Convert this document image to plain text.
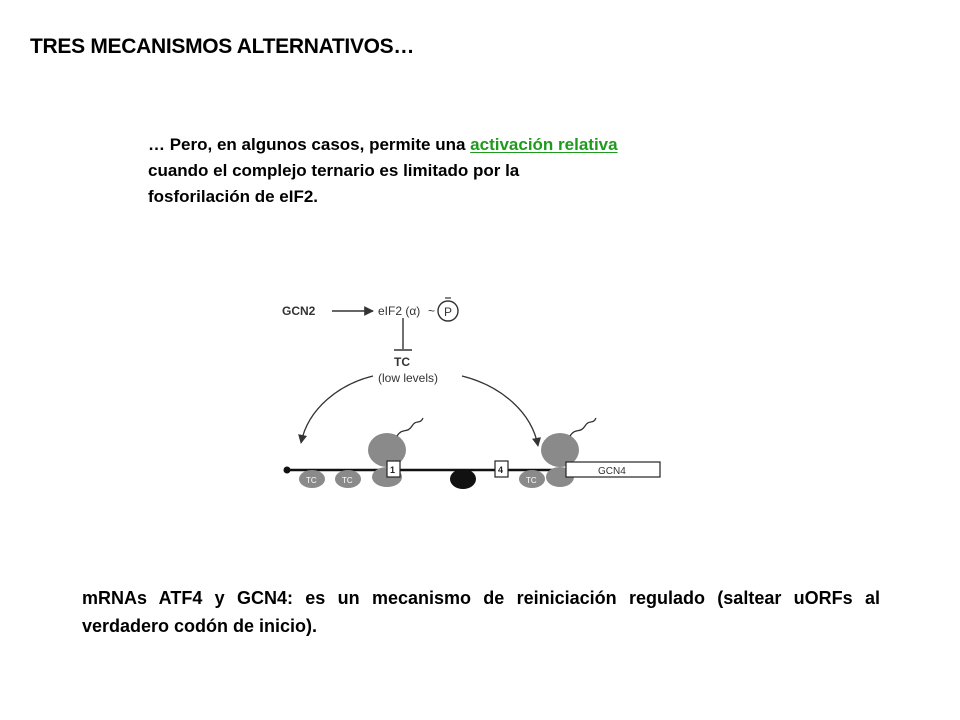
TRES MECANISMOS ALTERNATIVOS…
… Pero, en algunos casos, permite una activación relativa
cuando el complejo ternario es limitado por la
fosforilación de eIF2.
GCN2	eIF2 (α) ~ P
TC
(low levels)
TC	TC
1	4
TC
GCN4
mRNAs ATF4 y GCN4: es un mecanismo de reiniciación regulado (saltear uORFs al verdadero codón de inicio).
